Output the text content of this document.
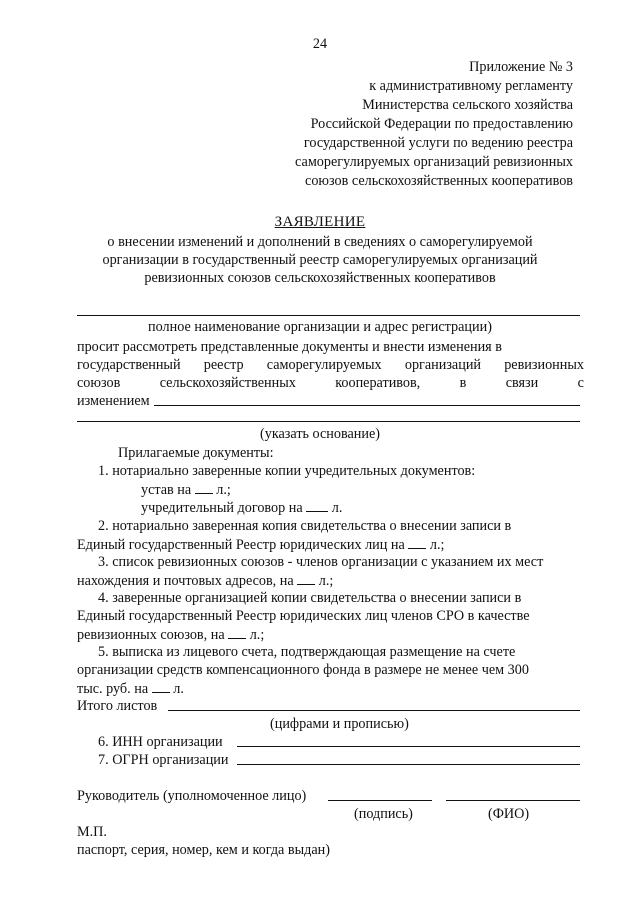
24
Приложение № 3
к административному регламенту
Министерства сельского хозяйства
Российской Федерации по предоставлению
государственной услуги по ведению реестра
саморегулируемых организаций ревизионных
союзов сельскохозяйственных кооперативов
ЗАЯВЛЕНИЕ
о внесении изменений и дополнений в сведениях о саморегулируемой
организации в государственный реестр саморегулируемых организаций
ревизионных союзов сельскохозяйственных кооперативов
полное наименование организации и адрес регистрации)
просит рассмотреть представленные документы и внести изменения в
государственный реестр саморегулируемых организаций ревизионных
союзов	сельскохозяйственных	кооперативов,	в	связи	с
изменением
(указать основание)
Прилагаемые документы:
1. нотариально заверенные копии учредительных документов:
устав на л.;
учредительный договор на л.
2. нотариально заверенная копия свидетельства о внесении записи в
Единый государственный Реестр юридических лиц на л.;
3. список ревизионных союзов - членов организации с указанием их мест
нахождения и почтовых адресов, на л.;
4. заверенные организацией копии свидетельства о внесении записи в
Единый государственный Реестр юридических лиц членов СРО в качестве
ревизионных союзов, на л.;
5. выписка из лицевого счета, подтверждающая размещение на счете
организации средств компенсационного фонда в размере не менее чем 300
тыс. руб. на л.
Итого листов
(цифрами и прописью)
6. ИНН организации
7. ОГРН организации
Руководитель (уполномоченное лицо)
(подпись)	(ФИО)
М.П.
паспорт, серия, номер, кем и когда выдан)
